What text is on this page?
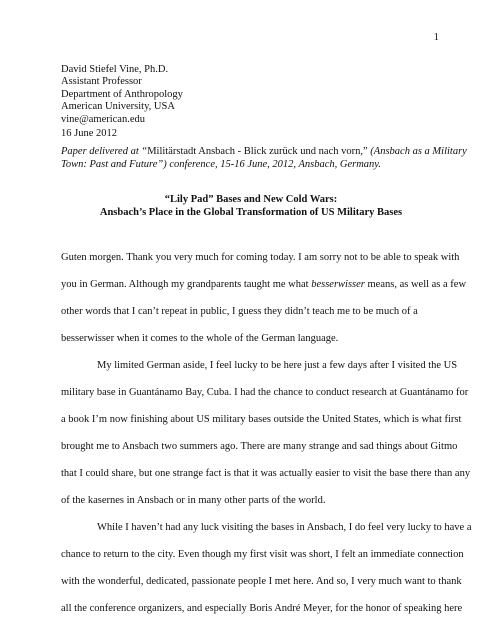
1
David Stiefel Vine, Ph.D.
Assistant Professor
Department of Anthropology
American University, USA
vine@american.edu
16 June 2012
Paper delivered at “Militärstadt Ansbach - Blick zurück und nach vorn,” (Ansbach as a Military
Town: Past and Future”) conference, 15-16 June, 2012, Ansbach, Germany.
“Lily Pad” Bases and New Cold Wars:
Ansbach’s Place in the Global Transformation of US Military Bases
Guten morgen. Thank you very much for coming today. I am sorry not to be able to speak with
you in German. Although my grandparents taught me what besserwisser means, as well as a few
other words that I can’t repeat in public, I guess they didn’t teach me to be much of a
besserwisser when it comes to the whole of the German language.
My limited German aside, I feel lucky to be here just a few days after I visited the US
military base in Guantánamo Bay, Cuba. I had the chance to conduct research at Guantánamo for
a book I’m now finishing about US military bases outside the United States, which is what first
brought me to Ansbach two summers ago. There are many strange and sad things about Gitmo
that I could share, but one strange fact is that it was actually easier to visit the base there than any
of the kasernes in Ansbach or in many other parts of the world.
While I haven’t had any luck visiting the bases in Ansbach, I do feel very lucky to have a
chance to return to the city. Even though my first visit was short, I felt an immediate connection
with the wonderful, dedicated, passionate people I met here. And so, I very much want to thank
all the conference organizers, and especially Boris André Meyer, for the honor of speaking here
